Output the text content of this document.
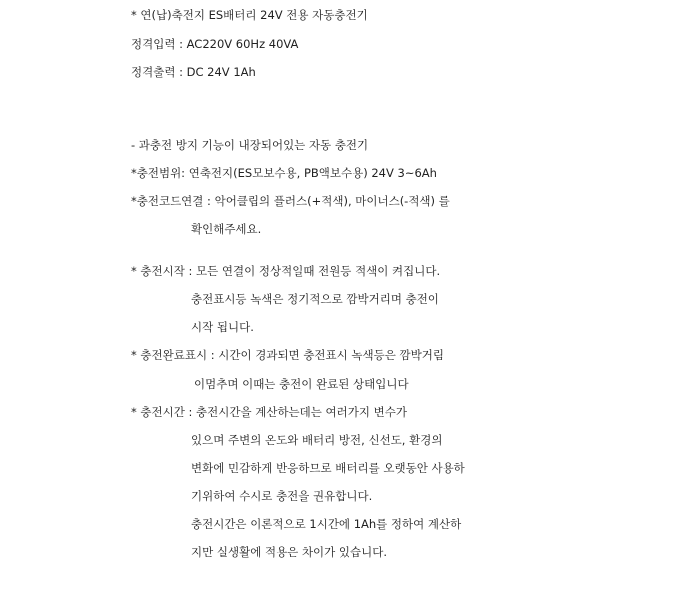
* 연(납)축전지 ES배터리 24V 전용 자동충전기
정격입력 : AC220V 60Hz 40VA
정격출력 : DC 24V 1Ah
- 과충전 방지 기능이 내장되어있는 자동 충전기
*충전범위: 연축전지(ES모보수용, PB액보수용) 24V 3~6Ah
*충전코드연결 : 악어클립의 플러스(+적색), 마이너스(-적색) 를
확인해주세요.
* 충전시작 : 모든 연결이 정상적일때 전원등 적색이 켜집니다.
충전표시등 녹색은 정기적으로 깜박거리며 충전이
시작 됩니다.
* 충전완료표시 : 시간이 경과되면 충전표시 녹색등은 깜박거림
이멈추며 이때는 충전이 완료된 상태입니다
* 충전시간 : 충전시간을 계산하는데는 여러가지 변수가
있으며 주변의 온도와 배터리 방전, 신선도, 환경의
변화에 민감하게 반응하므로 배터리를 오랫동안 사용하
기위하여 수시로 충전을 권유합니다.
충전시간은 이론적으로 1시간에 1Ah를 정하여 계산하
지만 실생활에 적용은 차이가 있습니다.
